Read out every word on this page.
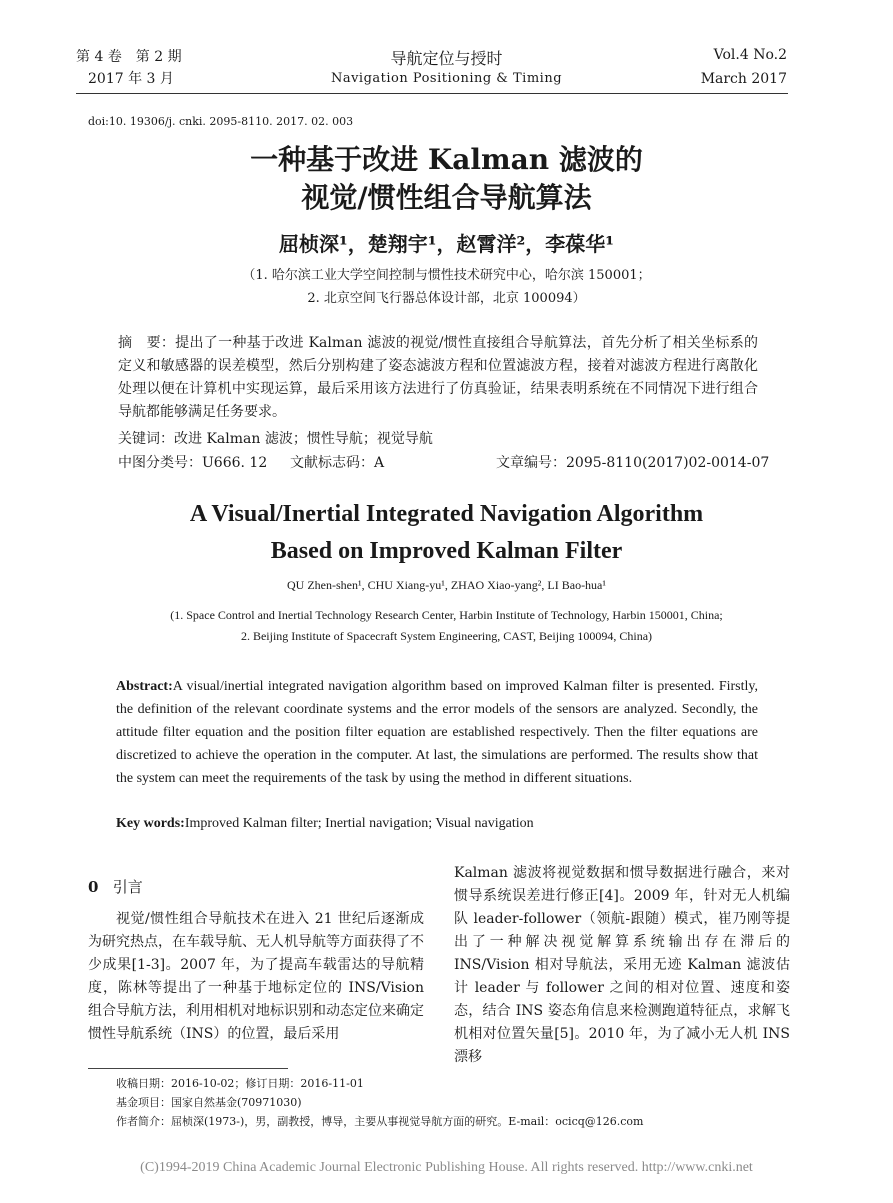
第 4 卷　第 2 期
2017 年 3 月
导航定位与授时
Navigation Positioning & Timing
Vol.4 No.2
March 2017
doi:10. 19306/j. cnki. 2095-8110. 2017. 02. 003
一种基于改进 Kalman 滤波的
视觉/惯性组合导航算法
屈桢深¹，楚翔宇¹，赵霄洋²，李葆华¹
（1. 哈尔滨工业大学空间控制与惯性技术研究中心，哈尔滨 150001；
2. 北京空间飞行器总体设计部，北京 100094）
摘　要：提出了一种基于改进 Kalman 滤波的视觉/惯性直接组合导航算法，首先分析了相关坐标系的定义和敏感器的误差模型，然后分别构建了姿态滤波方程和位置滤波方程，接着对滤波方程进行离散化处理以便在计算机中实现运算，最后采用该方法进行了仿真验证，结果表明系统在不同情况下进行组合导航都能够满足任务要求。
关键词：改进 Kalman 滤波；惯性导航；视觉导航
中图分类号：U666. 12 文献标志码：A	文章编号：2095-8110(2017)02-0014-07
A Visual/Inertial Integrated Navigation Algorithm
Based on Improved Kalman Filter
QU Zhen-shen¹, CHU Xiang-yu¹, ZHAO Xiao-yang², LI Bao-hua¹
(1. Space Control and Inertial Technology Research Center, Harbin Institute of Technology, Harbin 150001, China;
2. Beijing Institute of Spacecraft System Engineering, CAST, Beijing 100094, China)
Abstract:A visual/inertial integrated navigation algorithm based on improved Kalman filter is presented. Firstly, the definition of the relevant coordinate systems and the error models of the sensors are analyzed. Secondly, the attitude filter equation and the position filter equation are established respectively. Then the filter equations are discretized to achieve the operation in the computer. At last, the simulations are performed. The results show that the system can meet the requirements of the task by using the method in different situations.
Key words:Improved Kalman filter; Inertial navigation; Visual navigation
0 引言
视觉/惯性组合导航技术在进入 21 世纪后逐渐成为研究热点，在车载导航、无人机导航等方面获得了不少成果[1-3]。2007 年，为了提高车载雷达的导航精度，陈林等提出了一种基于地标定位的 INS/Vision 组合导航方法，利用相机对地标识别和动态定位来确定惯性导航系统（INS）的位置，最后采用
Kalman 滤波将视觉数据和惯导数据进行融合，来对惯导系统误差进行修正[4]。2009 年，针对无人机编队 leader-follower（领航-跟随）模式，崔乃刚等提出了一种解决视觉解算系统输出存在滞后的 INS/Vision 相对导航法，采用无迹 Kalman 滤波估计 leader 与 follower 之间的相对位置、速度和姿态，结合 INS 姿态角信息来检测跑道特征点，求解飞机相对位置矢量[5]。2010 年，为了减小无人机 INS 漂移
收稿日期：2016-10-02；修订日期：2016-11-01
基金项目：国家自然基金(70971030)
作者简介：屈桢深(1973-)，男，副教授，博导，主要从事视觉导航方面的研究。E-mail：ocicq@126.com
(C)1994-2019 China Academic Journal Electronic Publishing House. All rights reserved. http://www.cnki.net
